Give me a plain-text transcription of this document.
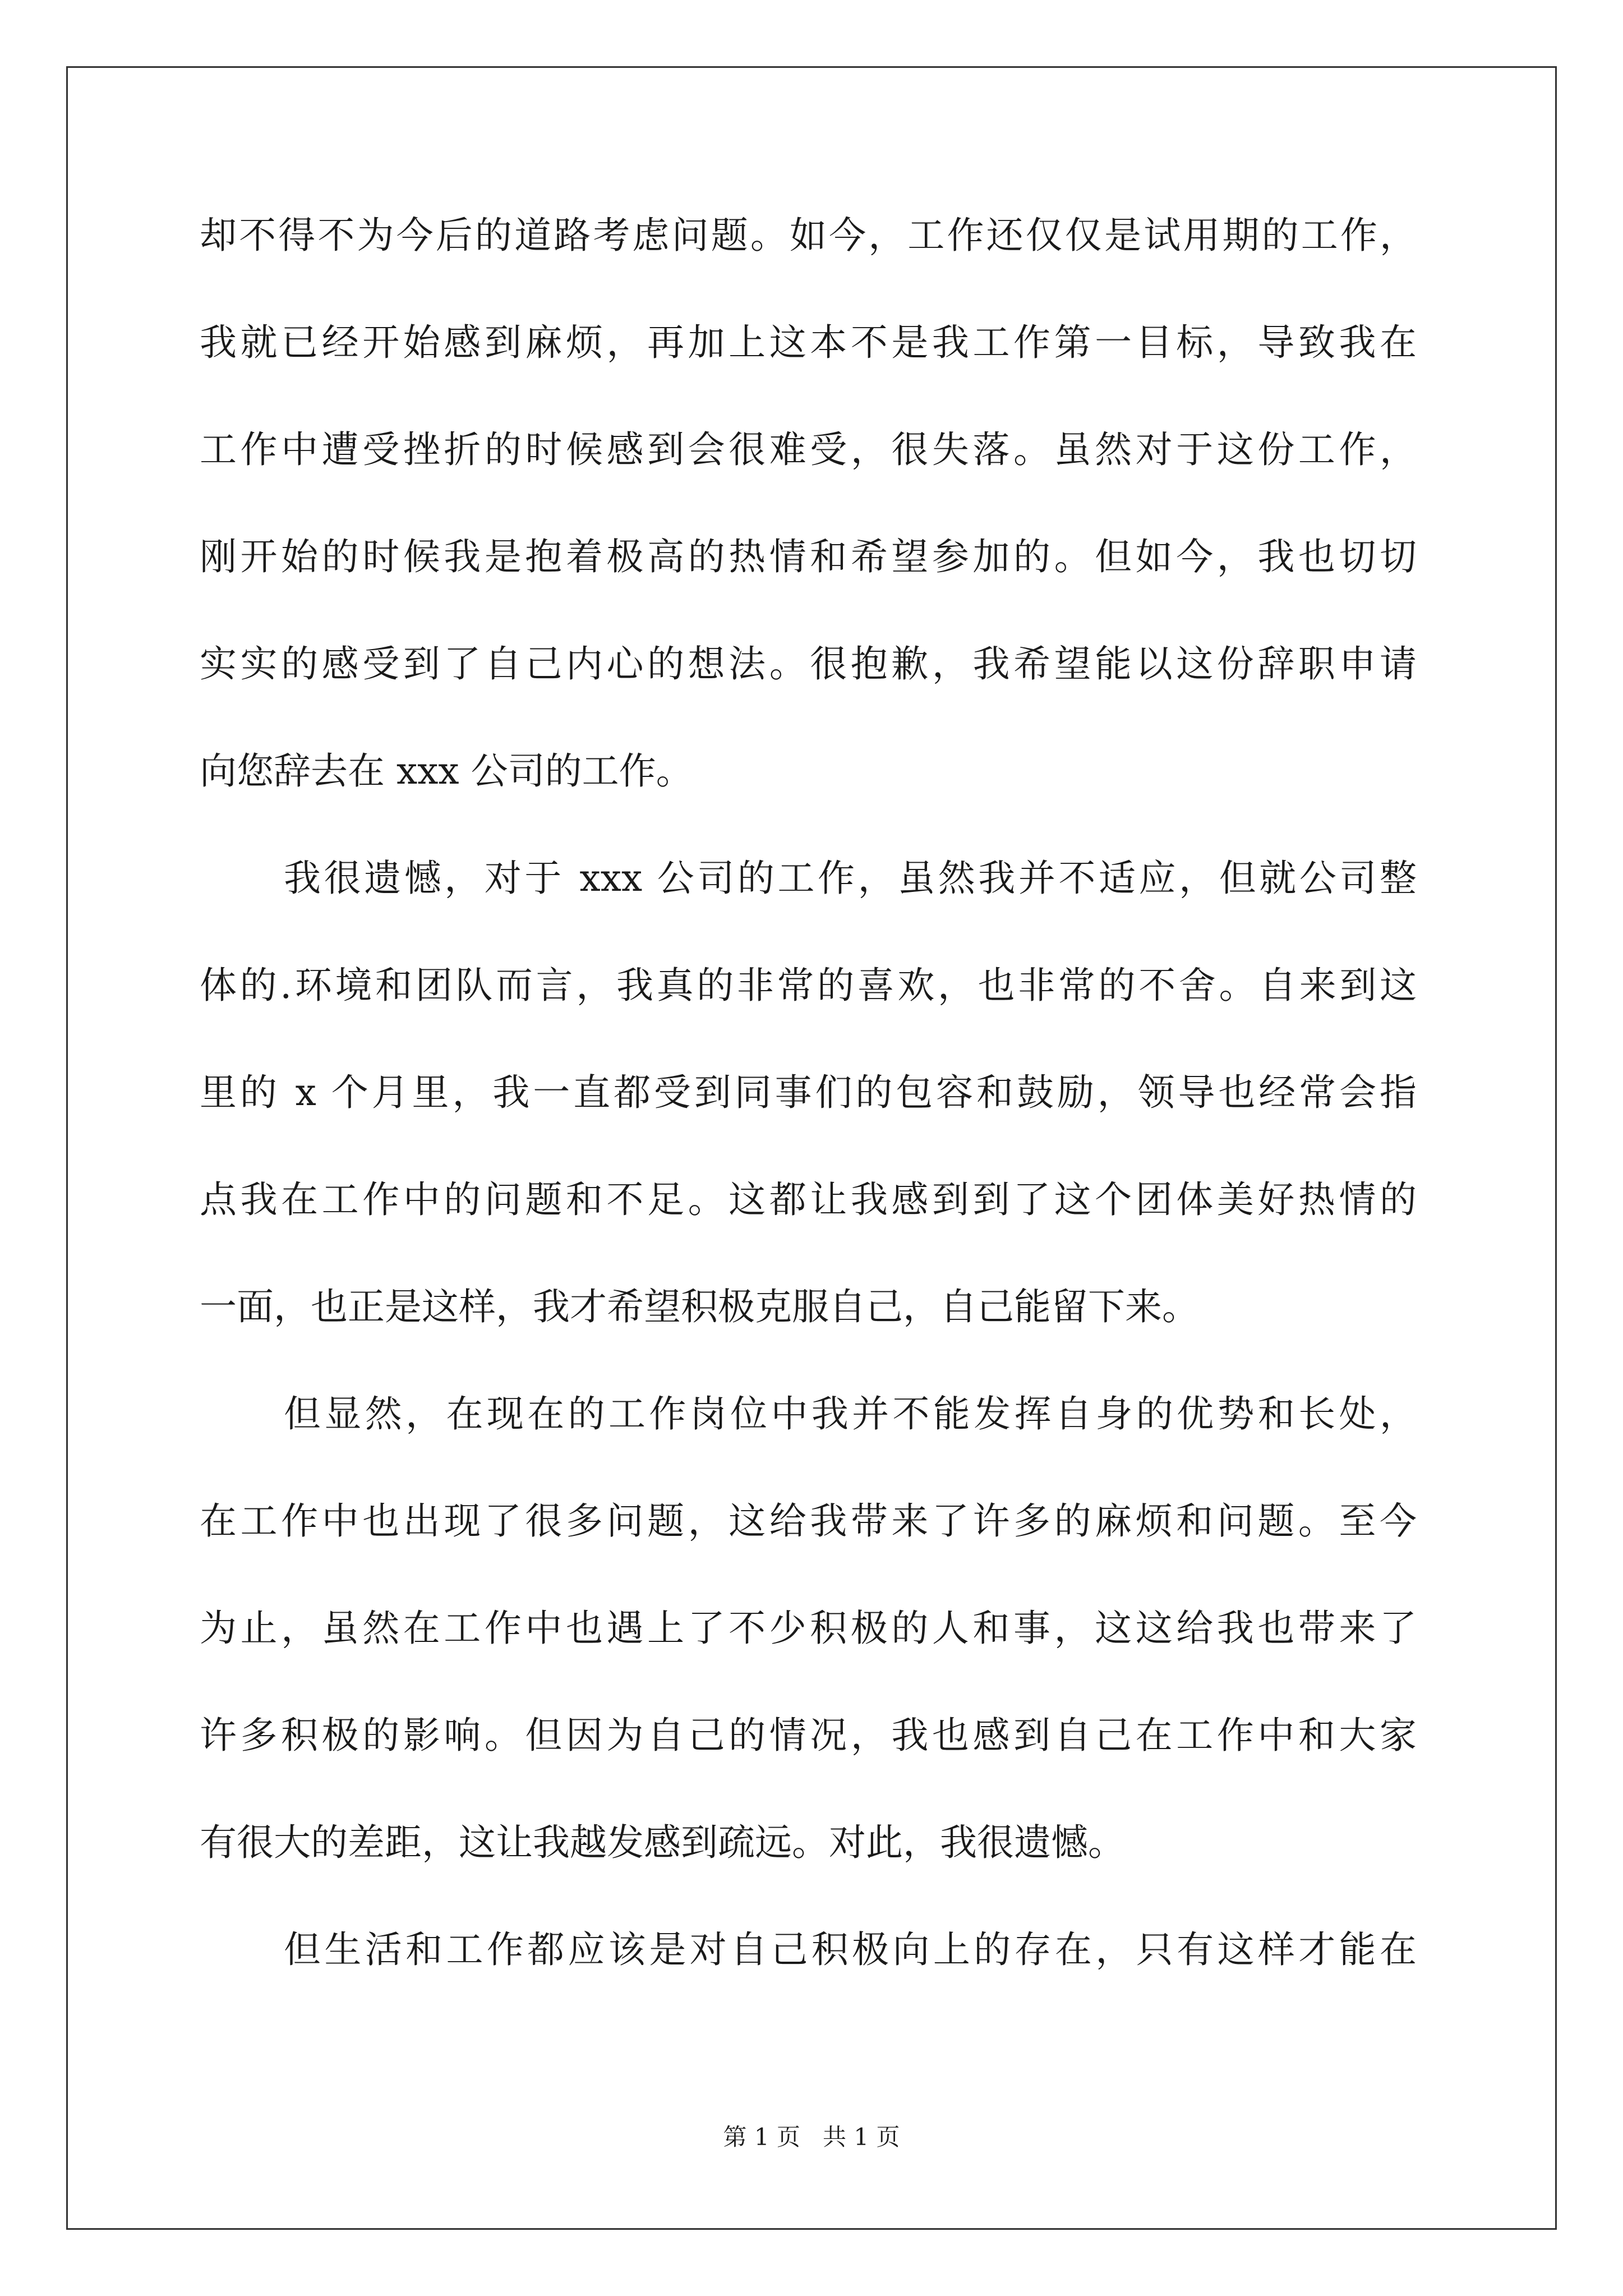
却不得不为今后的道路考虑问题。如今，工作还仅仅是试用期的工作，
我就已经开始感到麻烦，再加上这本不是我工作第一目标，导致我在
工作中遭受挫折的时候感到会很难受，很失落。虽然对于这份工作，
刚开始的时候我是抱着极高的热情和希望参加的。但如今，我也切切
实实的感受到了自己内心的想法。很抱歉，我希望能以这份辞职申请
向您辞去在 xxx 公司的工作。
我很遗憾，对于 xxx 公司的工作，虽然我并不适应，但就公司整
体的.环境和团队而言，我真的非常的喜欢，也非常的不舍。自来到这
里的 x 个月里，我一直都受到同事们的包容和鼓励，领导也经常会指
点我在工作中的问题和不足。这都让我感到到了这个团体美好热情的
一面，也正是这样，我才希望积极克服自己，自己能留下来。
但显然，在现在的工作岗位中我并不能发挥自身的优势和长处，
在工作中也出现了很多问题，这给我带来了许多的麻烦和问题。至今
为止，虽然在工作中也遇上了不少积极的人和事，这这给我也带来了
许多积极的影响。但因为自己的情况，我也感到自己在工作中和大家
有很大的差距，这让我越发感到疏远。对此，我很遗憾。
但生活和工作都应该是对自己积极向上的存在，只有这样才能在
第 1 页   共 1 页
